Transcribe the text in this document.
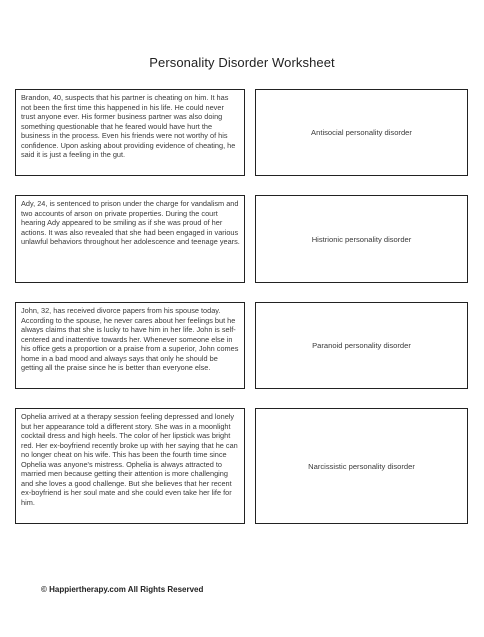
Personality Disorder Worksheet
Brandon, 40, suspects that his partner is cheating on him. It has not been the first time this happened in his life. He could never trust anyone ever. His former business partner was also doing something questionable that he feared would have hurt the business in the process. Even his friends were not worthy of his confidence. Upon asking about providing evidence of cheating, he said it is just a feeling in the gut.
Antisocial personality disorder
Ady, 24, is sentenced to prison under the charge for vandalism and two accounts of arson on private properties. During the court hearing Ady appeared to be smiling as if she was proud of her actions. It was also revealed that she had been engaged in various unlawful behaviors throughout her adolescence and teenage years.	Histrionic personality disorder
John, 32, has received divorce papers from his spouse today. According to the spouse, he never cares about her feelings but he always claims that she is lucky to have him in her life. John is self-centered and inattentive towards her. Whenever someone else in his office gets a proportion or a praise from a superior, John comes home in a bad mood and always says that only he should be getting all the praise since he is better than everyone else.
Paranoid personality disorder
Ophelia arrived at a therapy session feeling depressed and lonely but her appearance told a different story. She was in a moonlight cocktail dress and high heels. The color of her lipstick was bright red. Her ex-boyfriend recently broke up with her saying that he can no longer cheat on his wife. This has been the fourth time since Ophelia was anyone's mistress. Ophelia is always attracted to married men because getting their attention is more challenging and she loves a good challenge. But she believes that her recent ex-boyfriend is her soul mate and she could even take her life for him.
Narcissistic personality disorder
© Happiertherapy.com All Rights Reserved
